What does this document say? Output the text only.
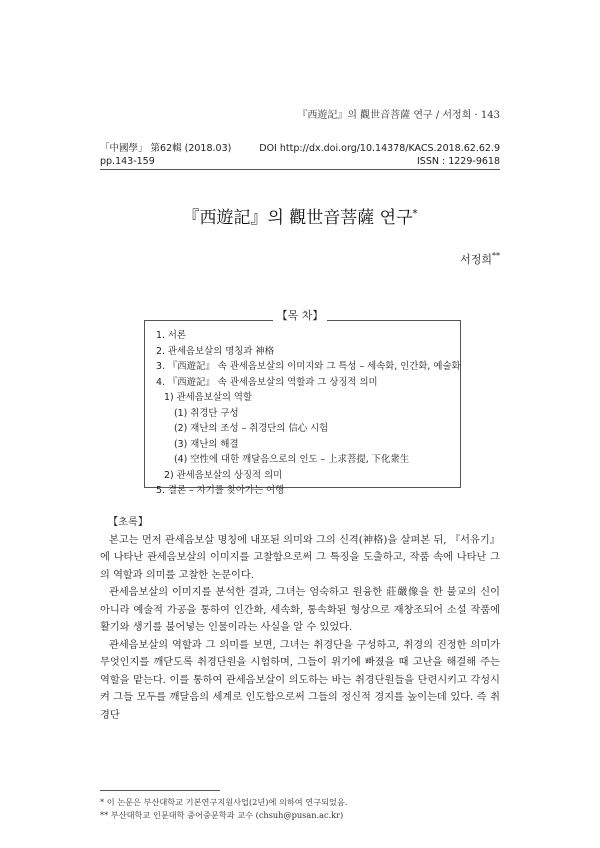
『西遊記』의 觀世音菩薩 연구 / 서정희 · 143
「中國學」 第62輯 (2018.03)	DOI http://dx.doi.org/10.14378/KACS.2018.62.62.9
pp.143-159	ISSN : 1229-9618
『西遊記』의 觀世音菩薩 연구*
서정희**
【목 차】
1. 서론
2. 관세음보살의 명칭과 神格
3. 『西遊記』 속 관세음보살의 이미지와 그 특성 – 세속화, 인간화, 예술화
4. 『西遊記』 속 관세음보살의 역할과 그 상징적 의미
1) 관세음보살의 역할
(1) 취경단 구성
(2) 재난의 조성 – 취경단의 信心 시험
(3) 재난의 해결
(4) 空性에 대한 깨달음으로의 인도 – 上求菩提, 下化衆生
2) 관세음보살의 상징적 의미
5. 결론 – 자기를 찾아가는 여행
【초록】

본고는 먼저 관세음보살 명칭에 내포된 의미와 그의 신격(神格)을 살펴본 뒤, 『서유기』에 나타난 관세음보살의 이미지를 고찰함으로써 그 특징을 도출하고, 작품 속에 나타난 그의 역할과 의미를 고찰한 논문이다.

관세음보살의 이미지를 분석한 결과, 그녀는 엄숙하고 원융한 莊嚴像을 한 불교의 신이 아니라 예술적 가공을 통하여 인간화, 세속화, 통속화된 형상으로 재창조되어 소설 작품에 활기와 생기를 불어넣는 인물이라는 사실을 알 수 있었다.

관세음보살의 역할과 그 의미를 보면, 그녀는 취경단을 구성하고, 취경의 진정한 의미가 무엇인지를 깨닫도록 취경단원을 시험하며, 그들이 위기에 빠졌을 때 고난을 해결해 주는 역할을 맡는다. 이를 통하여 관세음보살이 의도하는 바는 취경단원들을 단련시키고 각성시켜 그들 모두를 깨달음의 세계로 인도함으로써 그들의 정신적 경지를 높이는데 있다. 즉 취경단

* 이 논문은 부산대학교 기본연구지원사업(2년)에 의하여 연구되었음.
** 부산대학교 인문대학 중어중문학과 교수 (chsuh@pusan.ac.kr)
